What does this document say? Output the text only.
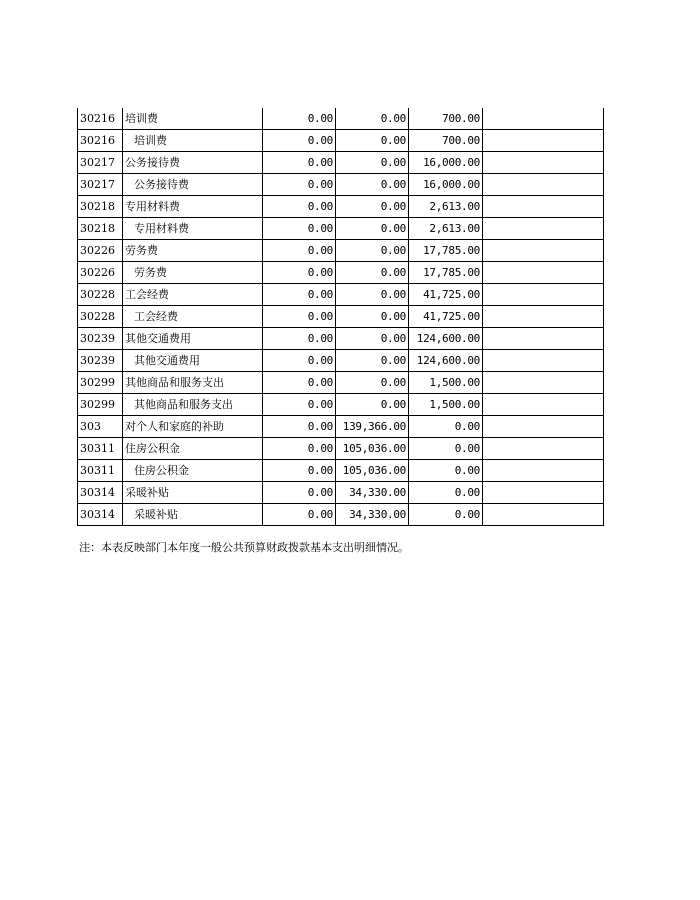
30216	培训费	0.00	0.00	700.00	
30216	培训费	0.00	0.00	700.00	
30217	公务接待费	0.00	0.00	16,000.00	
30217	公务接待费	0.00	0.00	16,000.00	
30218	专用材料费	0.00	0.00	2,613.00	
30218	专用材料费	0.00	0.00	2,613.00	
30226	劳务费	0.00	0.00	17,785.00	
30226	劳务费	0.00	0.00	17,785.00	
30228	工会经费	0.00	0.00	41,725.00	
30228	工会经费	0.00	0.00	41,725.00	
30239	其他交通费用	0.00	0.00	124,600.00	
30239	其他交通费用	0.00	0.00	124,600.00	
30299	其他商品和服务支出	0.00	0.00	1,500.00	
30299	其他商品和服务支出	0.00	0.00	1,500.00	
303	对个人和家庭的补助	0.00	139,366.00	0.00	
30311	住房公积金	0.00	105,036.00	0.00	
30311	住房公积金	0.00	105,036.00	0.00	
30314	采暖补贴	0.00	34,330.00	0.00	
30314	采暖补贴	0.00	34,330.00	0.00	
注：本表反映部门本年度一般公共预算财政拨款基本支出明细情况。
